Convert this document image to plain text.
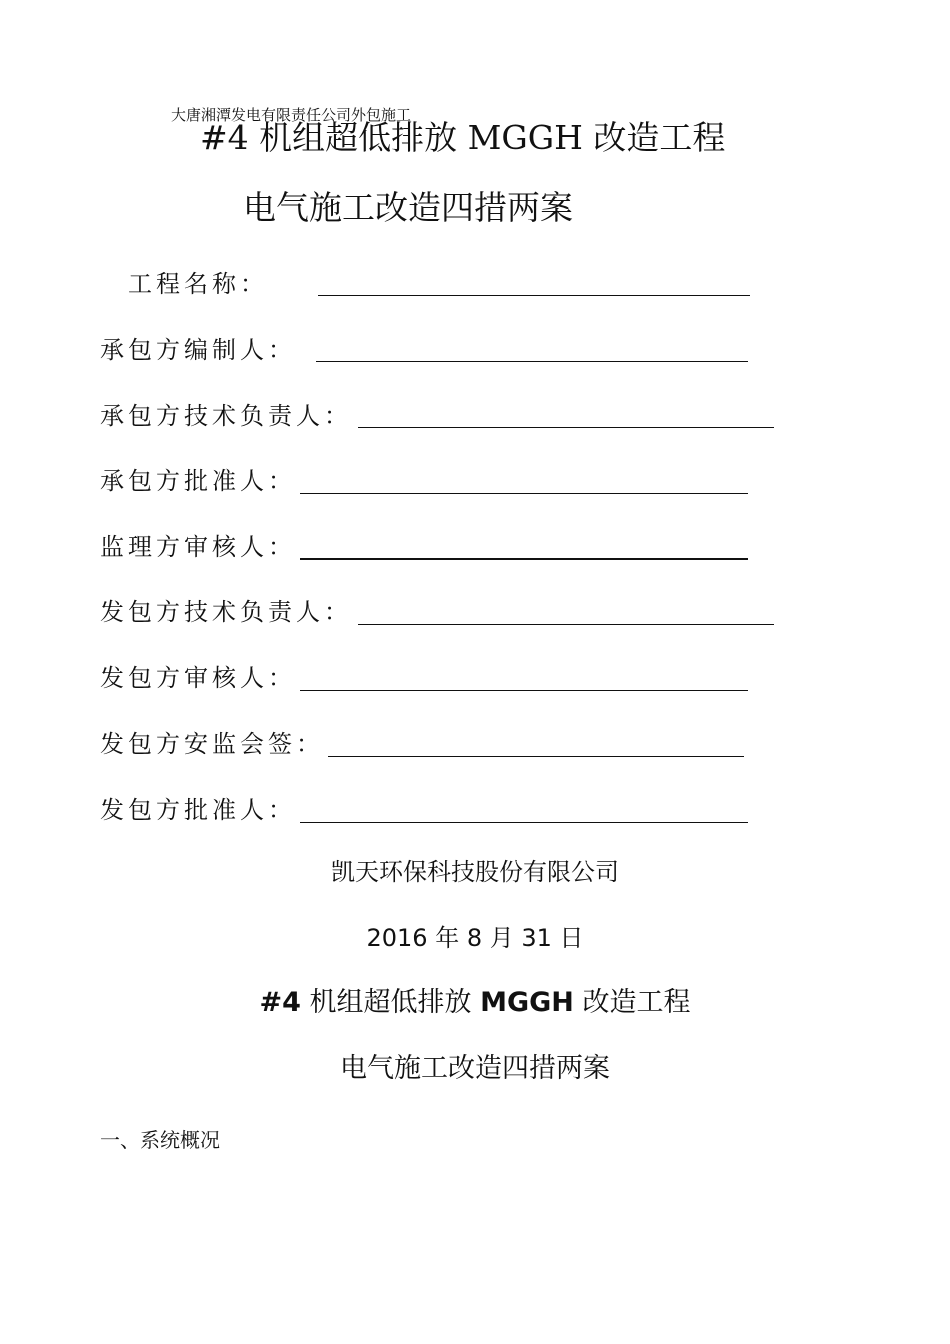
大唐湘潭发电有限责任公司外包施工
#4 机组超低排放 MGGH 改造工程
电气施工改造四措两案
工程名称：
承包方编制人：
承包方技术负责人：
承包方批准人：
监理方审核人：
发包方技术负责人：
发包方审核人：
发包方安监会签：
发包方批准人：
凯天环保科技股份有限公司
2016 年 8 月 31 日
#4 机组超低排放 MGGH 改造工程
电气施工改造四措两案
一、系统概况
